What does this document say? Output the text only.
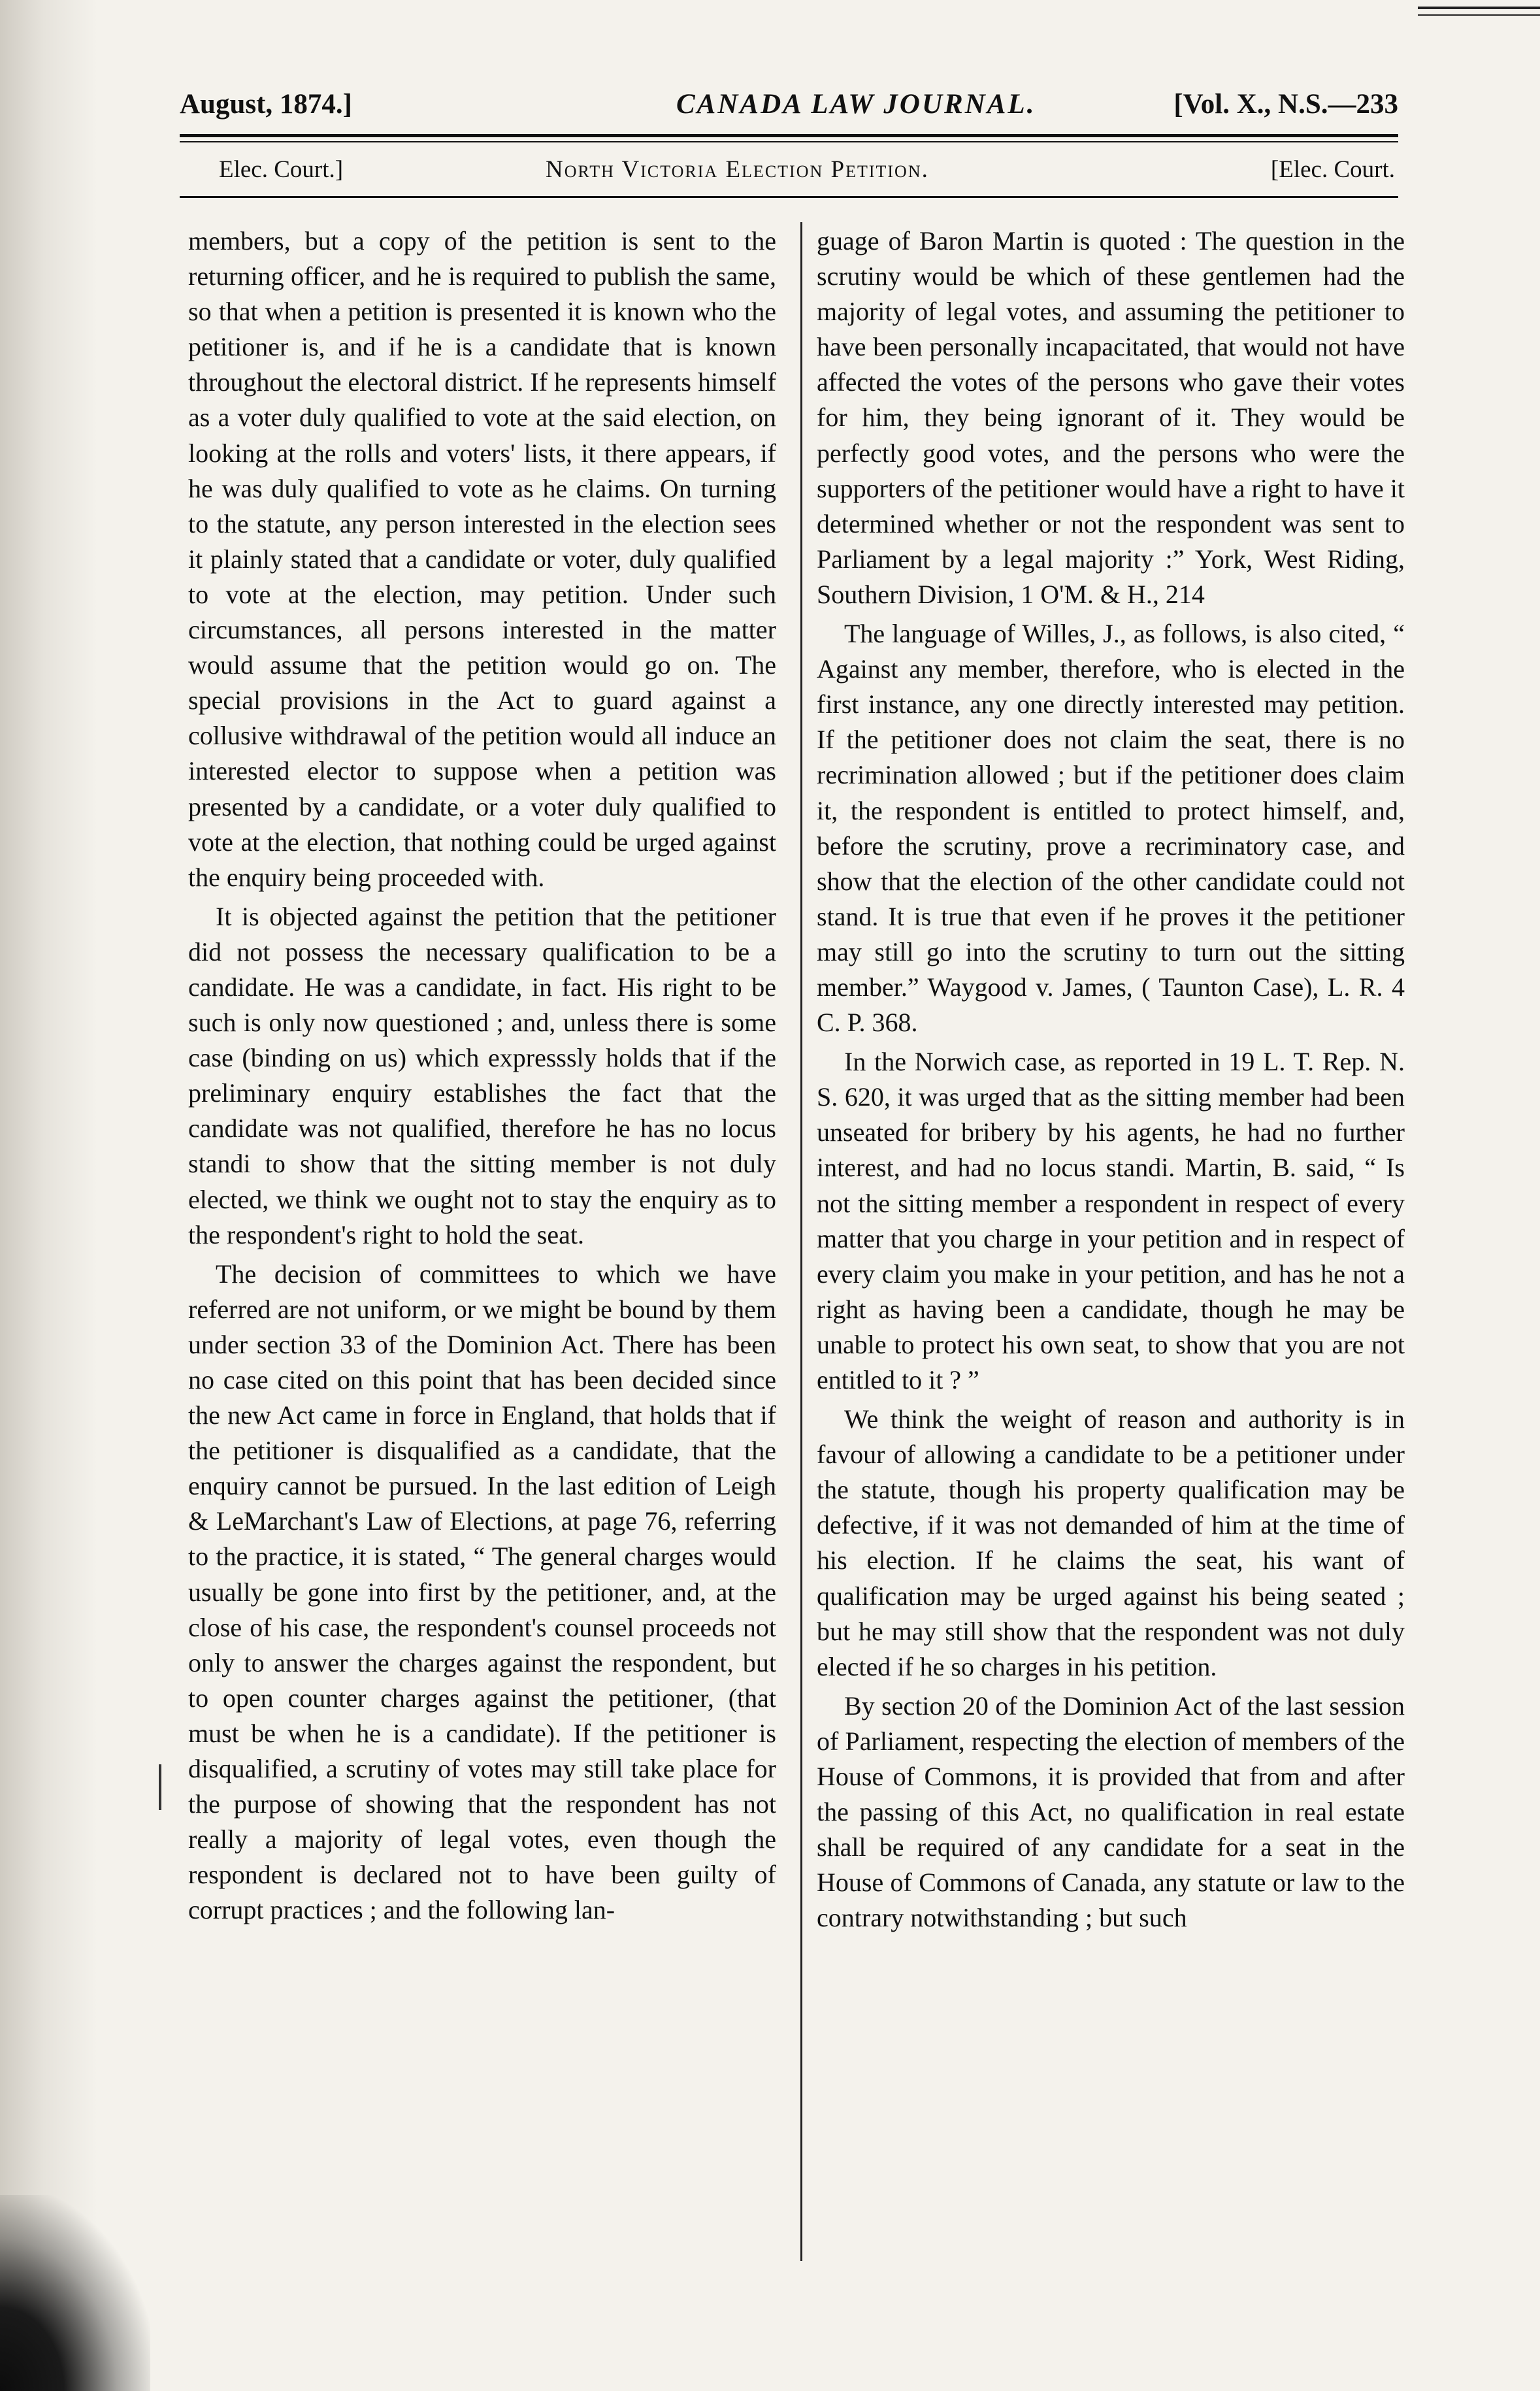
August, 1874.]	CANADA LAW JOURNAL.	[Vol. X., N.S.—233
Elec. Court.]	North Victoria Election Petition.	[Elec. Court.

members, but a copy of the petition is sent to the returning officer, and he is required to publish the same, so that when a petition is presented it is known who the petitioner is, and if he is a candidate that is known throughout the electoral district. If he represents himself as a voter duly qualified to vote at the said election, on looking at the rolls and voters' lists, it there appears, if he was duly qualified to vote as he claims. On turning to the statute, any person interested in the election sees it plainly stated that a candidate or voter, duly qualified to vote at the election, may petition. Under such circumstances, all persons interested in the matter would assume that the petition would go on. The special provisions in the Act to guard against a collusive withdrawal of the petition would all induce an interested elector to suppose when a petition was presented by a candidate, or a voter duly qualified to vote at the election, that nothing could be urged against the enquiry being proceeded with.

It is objected against the petition that the petitioner did not possess the necessary qualification to be a candidate. He was a candidate, in fact. His right to be such is only now questioned ; and, unless there is some case (binding on us) which expresssly holds that if the preliminary enquiry establishes the fact that the candidate was not qualified, therefore he has no locus standi to show that the sitting member is not duly elected, we think we ought not to stay the enquiry as to the respondent's right to hold the seat.

The decision of committees to which we have referred are not uniform, or we might be bound by them under section 33 of the Dominion Act. There has been no case cited on this point that has been decided since the new Act came in force in England, that holds that if the petitioner is disqualified as a candidate, that the enquiry cannot be pursued. In the last edition of Leigh & LeMarchant's Law of Elections, at page 76, referring to the practice, it is stated, “ The general charges would usually be gone into first by the petitioner, and, at the close of his case, the respondent's counsel proceeds not only to answer the charges against the respondent, but to open counter charges against the petitioner, (that must be when he is a candidate). If the petitioner is disqualified, a scrutiny of votes may still take place for the purpose of showing that the respondent has not really a majority of legal votes, even though the respondent is declared not to have been guilty of corrupt practices ; and the following lan-

guage of Baron Martin is quoted : The question in the scrutiny would be which of these gentlemen had the majority of legal votes, and assuming the petitioner to have been personally incapacitated, that would not have affected the votes of the persons who gave their votes for him, they being ignorant of it. They would be perfectly good votes, and the persons who were the supporters of the petitioner would have a right to have it determined whether or not the respondent was sent to Parliament by a legal majority :” York, West Riding, Southern Division, 1 O'M. & H., 214

The language of Willes, J., as follows, is also cited, “ Against any member, therefore, who is elected in the first instance, any one directly interested may petition. If the petitioner does not claim the seat, there is no recrimination allowed ; but if the petitioner does claim it, the respondent is entitled to protect himself, and, before the scrutiny, prove a recriminatory case, and show that the election of the other candidate could not stand. It is true that even if he proves it the petitioner may still go into the scrutiny to turn out the sitting member.” Waygood v. James, ( Taunton Case), L. R. 4 C. P. 368.

In the Norwich case, as reported in 19 L. T. Rep. N. S. 620, it was urged that as the sitting member had been unseated for bribery by his agents, he had no further interest, and had no locus standi. Martin, B. said, “ Is not the sitting member a respondent in respect of every matter that you charge in your petition and in respect of every claim you make in your petition, and has he not a right as having been a candidate, though he may be unable to protect his own seat, to show that you are not entitled to it ? ”

We think the weight of reason and authority is in favour of allowing a candidate to be a petitioner under the statute, though his property qualification may be defective, if it was not demanded of him at the time of his election. If he claims the seat, his want of qualification may be urged against his being seated ; but he may still show that the respondent was not duly elected if he so charges in his petition.

By section 20 of the Dominion Act of the last session of Parliament, respecting the election of members of the House of Commons, it is provided that from and after the passing of this Act, no qualification in real estate shall be required of any candidate for a seat in the House of Commons of Canada, any statute or law to the contrary notwithstanding ; but such
